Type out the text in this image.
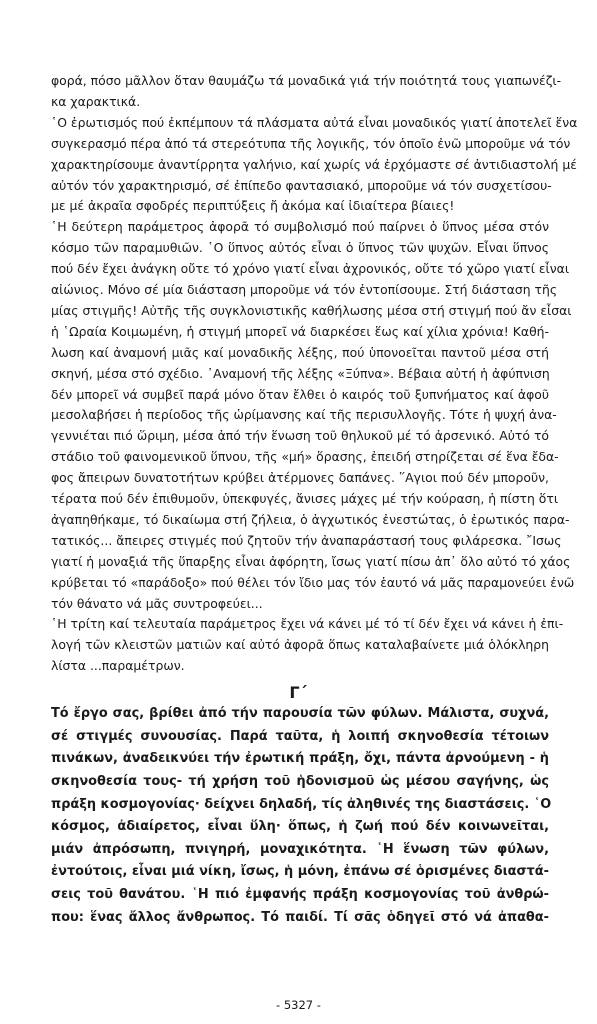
φορά, πόσο μᾶλλον ὅταν θαυμάζω τά μοναδικά γιά τήν ποιότητά τους γιαπωνέζι-
κα χαρακτικά.
῾Ο ἐρωτισμός πού ἐκπέμπουν τά πλάσματα αὐτά εἶναι μοναδικός γιατί ἀποτελεῖ ἕνα
συγκερασμό πέρα ἀπό τά στερεότυπα τῆς λογικῆς, τόν ὁποῖο ἐνῶ μποροῦμε νά τόν
χαρακτηρίσουμε ἀναντίρρητα γαλήνιο, καί χωρίς νά ἐρχόμαστε σέ ἀντιδιαστολή μέ
αὐτόν τόν χαρακτηρισμό, σέ ἐπίπεδο φαντασιακό, μποροῦμε νά τόν συσχετίσου-
με μέ ἀκραῖα σφοδρές περιπτύξεις ἤ ἀκόμα καί ἰδιαίτερα βίαιες!
῾Η δεύτερη παράμετρος ἀφορᾶ τό συμβολισμό πού παίρνει ὁ ὕπνος μέσα στόν
κόσμο τῶν παραμυθιῶν. ῾Ο ὕπνος αὐτός εἶναι ὁ ὕπνος τῶν ψυχῶν. Εἶναι ὕπνος
πού δέν ἔχει ἀνάγκη οὔτε τό χρόνο γιατί εἶναι ἀχρονικός, οὔτε τό χῶρο γιατί εἶναι
αἰώνιος. Μόνο σέ μία διάσταση μποροῦμε νά τόν ἐντοπίσουμε. Στή διάσταση τῆς
μίας στιγμῆς! Αὐτῆς τῆς συγκλονιστικῆς καθήλωσης μέσα στή στιγμή πού ἄν εἶσαι
ἡ ῾Ωραία Κοιμωμένη, ἡ στιγμή μπορεῖ νά διαρκέσει ἕως καί χίλια χρόνια! Καθή-
λωση καί ἀναμονή μιᾶς καί μοναδικῆς λέξης, πού ὑπονοεῖται παντοῦ μέσα στή
σκηνή, μέσα στό σχέδιο. ᾽Αναμονή τῆς λέξης «Ξύπνα». Βέβαια αὐτή ἡ ἀφύπνιση
δέν μπορεῖ νά συμβεῖ παρά μόνο ὅταν ἔλθει ὁ καιρός τοῦ ξυπνήματος καί ἀφοῦ
μεσολαβήσει ἡ περίοδος τῆς ὡρίμανσης καί τῆς περισυλλογῆς. Τότε ἡ ψυχή ἀνα-
γεννιέται πιό ὥριμη, μέσα ἀπό τήν ἕνωση τοῦ θηλυκοῦ μέ τό ἀρσενικό. Αὐτό τό
στάδιο τοῦ φαινομενικοῦ ὕπνου, τῆς «μή» ὅρασης, ἐπειδή στηρίζεται σέ ἕνα ἔδα-
φος ἄπειρων δυνατοτήτων κρύβει ἀτέρμονες δαπάνες. ῞Αγιοι πού δέν μποροῦν,
τέρατα πού δέν ἐπιθυμοῦν, ὑπεκφυγές, ἄνισες μάχες μέ τήν κούραση, ἡ πίστη ὅτι
ἀγαπηθήκαμε, τό δικαίωμα στή ζήλεια, ὁ ἀγχωτικός ἐνεστώτας, ὁ ἐρωτικός παρα-
τατικός... ἄπειρες στιγμές πού ζητοῦν τήν ἀναπαράστασή τους φιλάρεσκα. ῎Ισως
γιατί ἡ μοναξιά τῆς ὕπαρξης εἶναι ἀφόρητη, ἴσως γιατί πίσω ἀπ᾽ ὅλο αὐτό τό χάος
κρύβεται τό «παράδοξο» πού θέλει τόν ἴδιο μας τόν ἑαυτό νά μᾶς παραμονεύει ἐνῶ
τόν θάνατο νά μᾶς συντροφεύει...
῾Η τρίτη καί τελευταία παράμετρος ἔχει νά κάνει μέ τό τί δέν ἔχει νά κάνει ἡ ἐπι-
λογή τῶν κλειστῶν ματιῶν καί αὐτό ἀφορᾶ ὅπως καταλαβαίνετε μιά ὁλόκληρη
λίστα ...παραμέτρων.
Γ´
Τό ἔργο σας, βρίθει ἀπό τήν παρουσία τῶν φύλων. Μάλιστα, συχνά,
σέ στιγμές συνουσίας. Παρά ταῦτα, ἡ λοιπή σκηνοθεσία τέτοιων
πινάκων, ἀναδεικνύει τήν ἐρωτική πράξη, ὄχι, πάντα ἀρνούμενη - ἡ
σκηνοθεσία τους- τή χρήση τοῦ ἡδονισμοῦ ὡς μέσου σαγήνης, ὡς
πράξη κοσμογονίας· δείχνει δηλαδή, τίς ἀληθινές της διαστάσεις. ῾Ο
κόσμος, ἀδιαίρετος, εἶναι ὕλη· ὅπως, ἡ ζωή πού δέν κοινωνεῖται,
μιάν ἀπρόσωπη, πνιγηρή, μοναχικότητα. ῾Η ἕνωση τῶν φύλων,
ἐντούτοις, εἶναι μιά νίκη, ἴσως, ἡ μόνη, ἐπάνω σέ ὁρισμένες διαστά-
σεις τοῦ θανάτου. ῾Η πιό ἐμφανής πράξη κοσμογονίας τοῦ ἀνθρώ-
που: ἕνας ἄλλος ἄνθρωπος. Τό παιδί. Τί σᾶς ὁδηγεῖ στό νά ἀπαθα-
- 5327 -
